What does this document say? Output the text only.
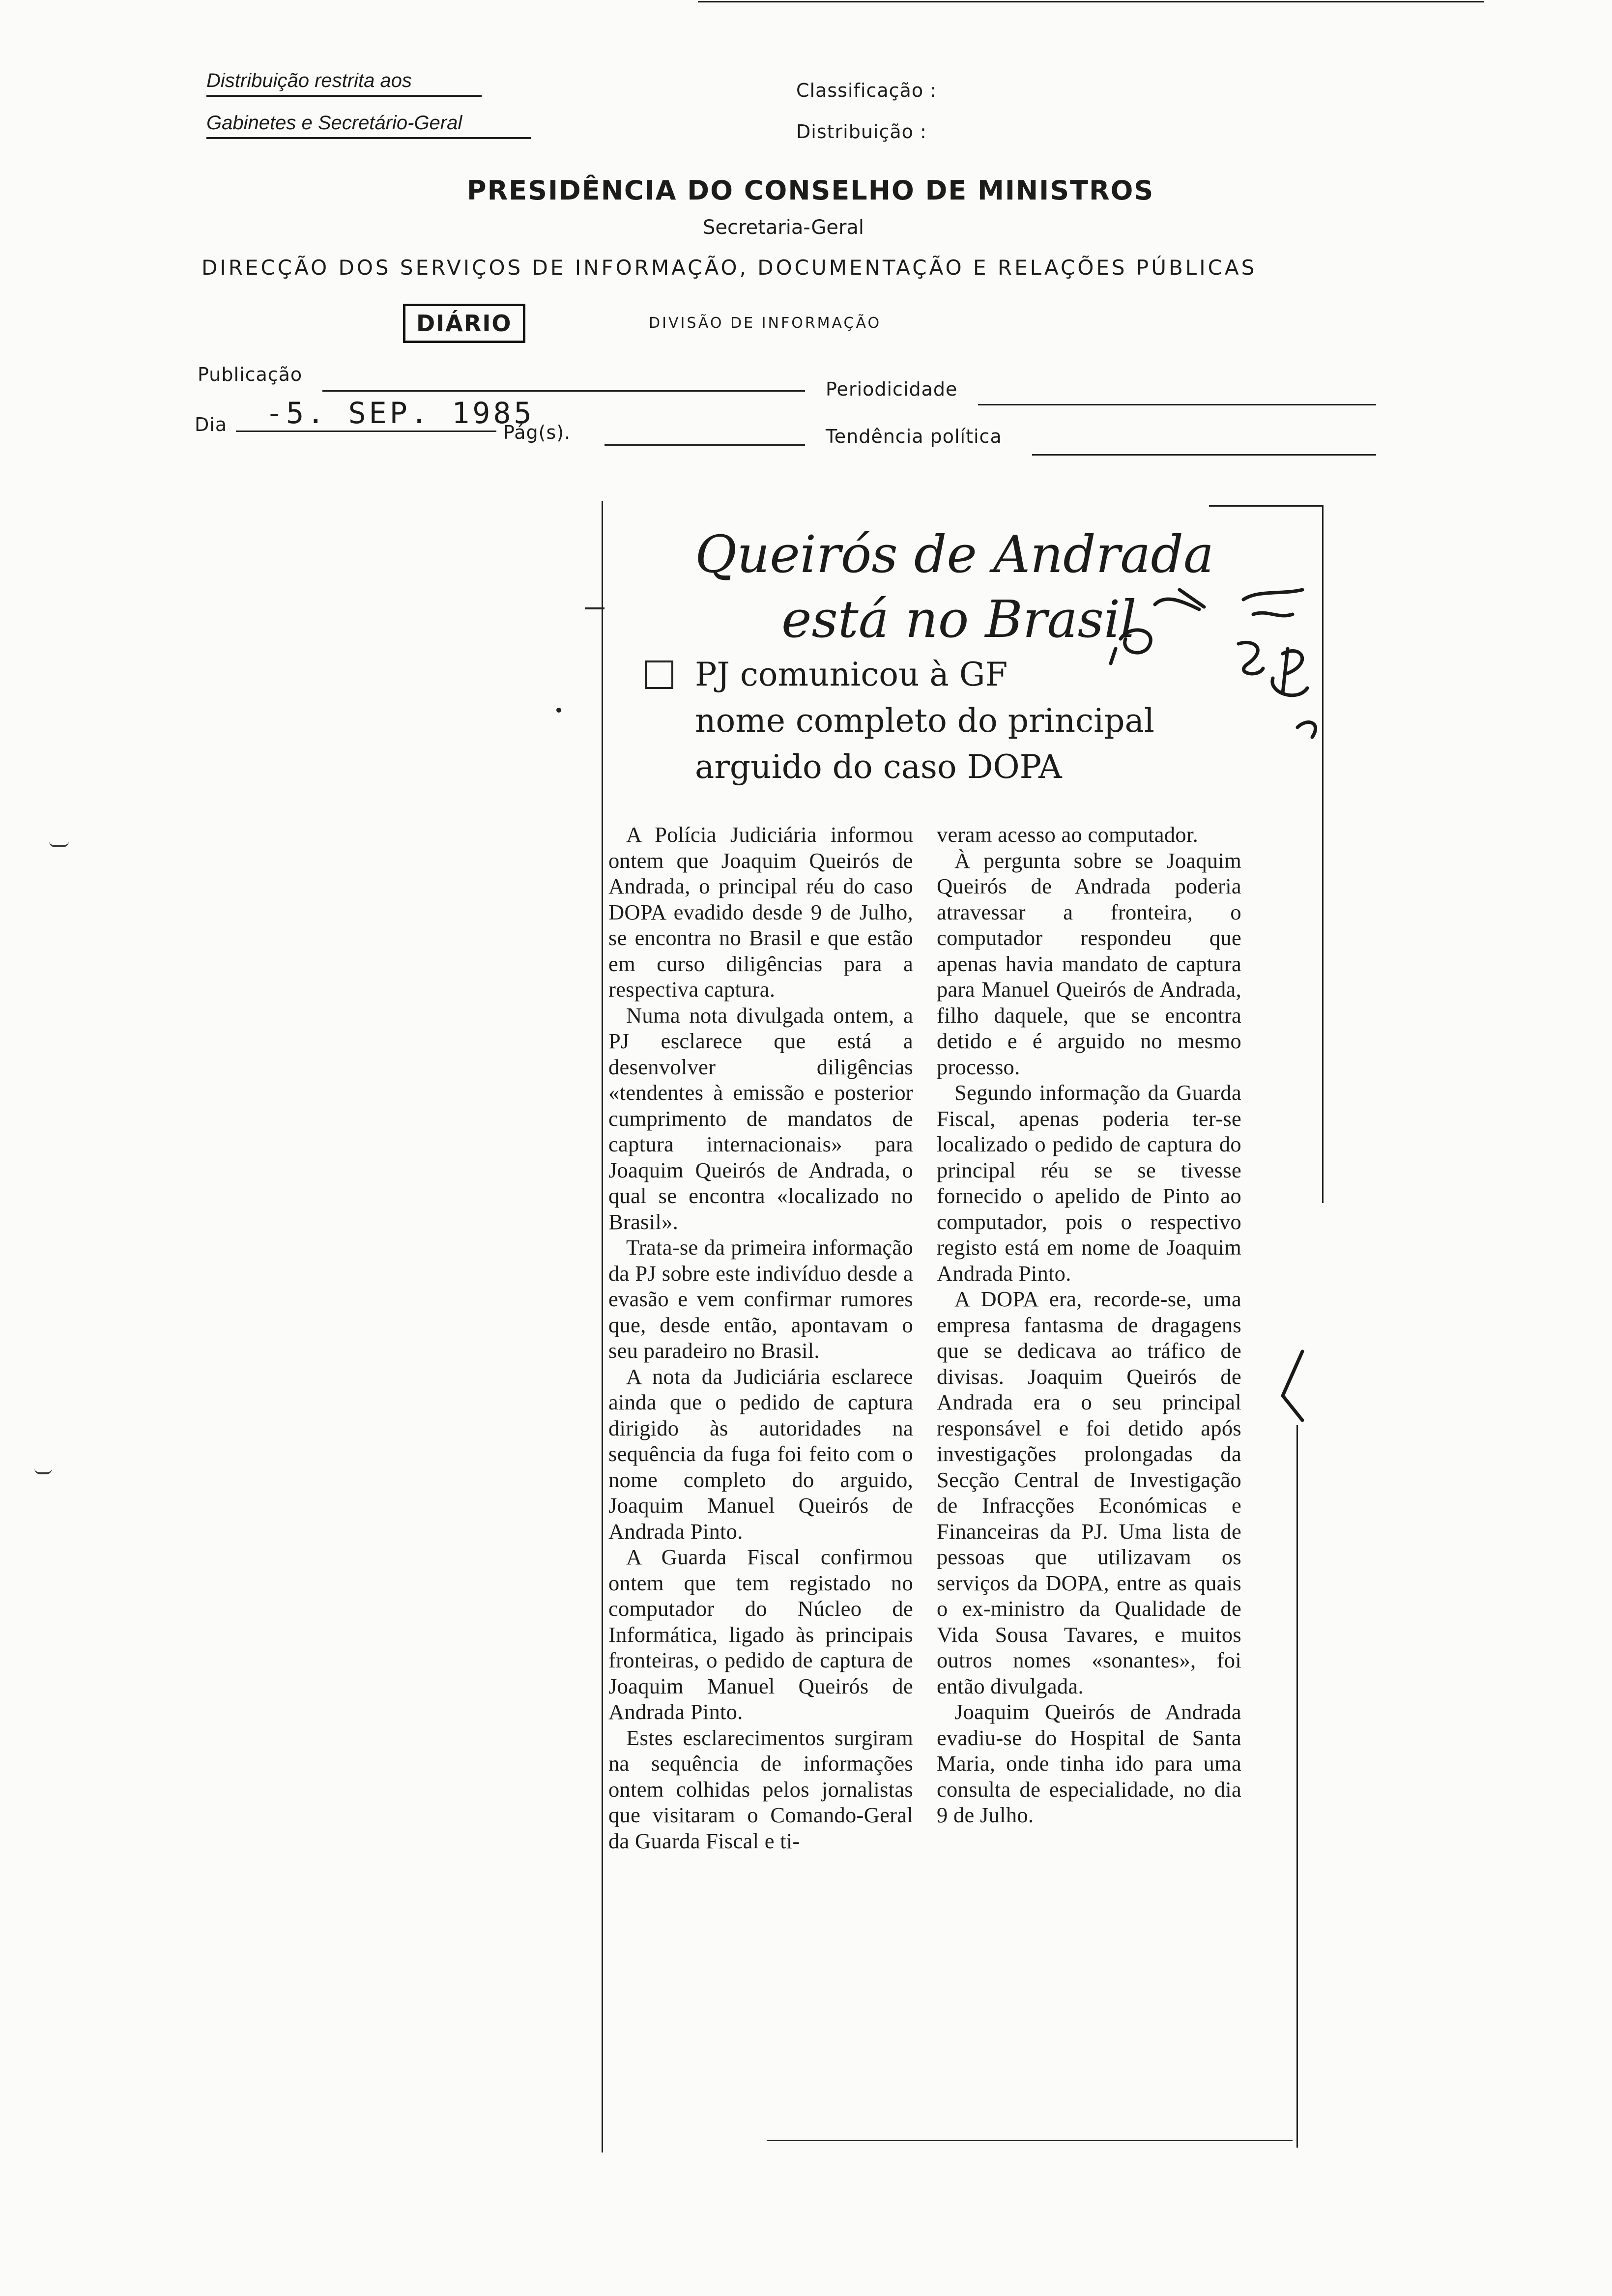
Distribuição restrita aos
Gabinetes e Secretário-Geral
Classificação :
Distribuição :
PRESIDÊNCIA DO CONSELHO DE MINISTROS
Secretaria-Geral
DIRECÇÃO DOS SERVIÇOS DE INFORMAÇÃO, DOCUMENTAÇÃO E RELAÇÕES PÚBLICAS
DIÁRIO	DIVISÃO DE INFORMAÇÃO
Publicação
Periodicidade
Dia -5. SEP. 1985
Pág(s).	Tendência política
Queirós de Andrada
está no Brasil
PJ comunicou à GF
nome completo do principal
arguido do caso DOPA

A Polícia Judiciária informou ontem que Joaquim Queirós de Andrada, o principal réu do caso DOPA evadido desde 9 de Julho, se encontra no Brasil e que estão em curso diligências para a respectiva captura.

Numa nota divulgada ontem, a PJ esclarece que está a desenvolver diligências «tendentes à emissão e posterior cumprimento de mandatos de captura internacionais» para Joaquim Queirós de Andrada, o qual se encontra «localizado no Brasil».

Trata-se da primeira informação da PJ sobre este indivíduo desde a evasão e vem confirmar rumores que, desde então, apontavam o seu paradeiro no Brasil.

A nota da Judiciária esclarece ainda que o pedido de captura dirigido às autoridades na sequência da fuga foi feito com o nome completo do arguido, Joaquim Manuel Queirós de Andrada Pinto.

A Guarda Fiscal confirmou ontem que tem registado no computador do Núcleo de Informática, ligado às principais fronteiras, o pedido de captura de Joaquim Manuel Queirós de Andrada Pinto.

Estes esclarecimentos surgiram na sequência de informações ontem colhidas pelos jornalistas que visitaram o Comando-Geral da Guarda Fiscal e ti-

veram acesso ao computador.

À pergunta sobre se Joaquim Queirós de Andrada poderia atravessar a fronteira, o computador respondeu que apenas havia mandato de captura para Manuel Queirós de Andrada, filho daquele, que se encontra detido e é arguido no mesmo processo.

Segundo informação da Guarda Fiscal, apenas poderia ter-se localizado o pedido de captura do principal réu se se tivesse fornecido o apelido de Pinto ao computador, pois o respectivo registo está em nome de Joaquim Andrada Pinto.

A DOPA era, recorde-se, uma empresa fantasma de dragagens que se dedicava ao tráfico de divisas. Joaquim Queirós de Andrada era o seu principal responsável e foi detido após investigações prolongadas da Secção Central de Investigação de Infracções Económicas e Financeiras da PJ. Uma lista de pessoas que utilizavam os serviços da DOPA, entre as quais o ex-ministro da Qualidade de Vida Sousa Tavares, e muitos outros nomes «sonantes», foi então divulgada.

Joaquim Queirós de Andrada evadiu-se do Hospital de Santa Maria, onde tinha ido para uma consulta de especialidade, no dia 9 de Julho.
